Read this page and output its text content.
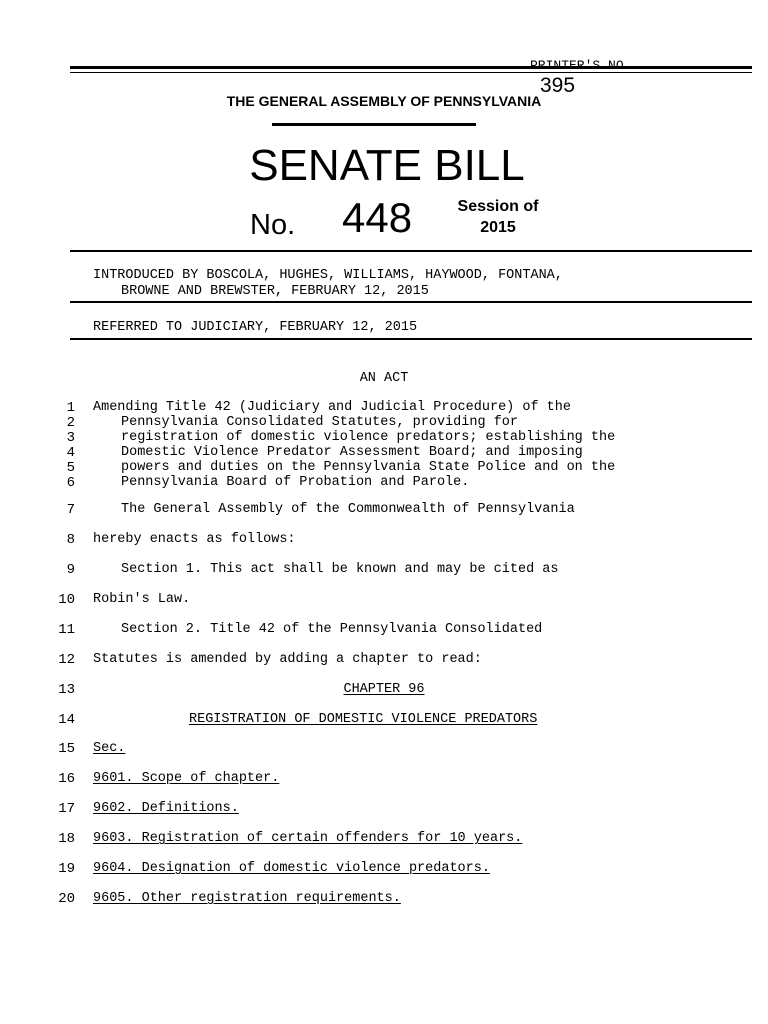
395

THE GENERAL ASSEMBLY OF PENNSYLVANIA
SENATE BILL
No. 448	Session of
2015
INTRODUCED BY BOSCOLA, HUGHES, WILLIAMS, HAYWOOD, FONTANA,
BROWNE AND BREWSTER, FEBRUARY 12, 2015
REFERRED TO JUDICIARY, FEBRUARY 12, 2015
AN ACT
1 Amending Title 42 (Judiciary and Judicial Procedure) of the
2	Pennsylvania Consolidated Statutes, providing for
3	registration of domestic violence predators; establishing the
4	Domestic Violence Predator Assessment Board; and imposing
5	powers and duties on the Pennsylvania State Police and on the
6	Pennsylvania Board of Probation and Parole.
7	The General Assembly of the Commonwealth of Pennsylvania
8 hereby enacts as follows:
9	Section 1. This act shall be known and may be cited as
10 Robin's Law.
11	Section 2. Title 42 of the Pennsylvania Consolidated
12 Statutes is amended by adding a chapter to read:
13	CHAPTER 96
14	REGISTRATION OF DOMESTIC VIOLENCE PREDATORS
15 Sec.
16 9601. Scope of chapter.
17 9602. Definitions.
18 9603. Registration of certain offenders for 10 years.
19 9604. Designation of domestic violence predators.
20 9605. Other registration requirements.
